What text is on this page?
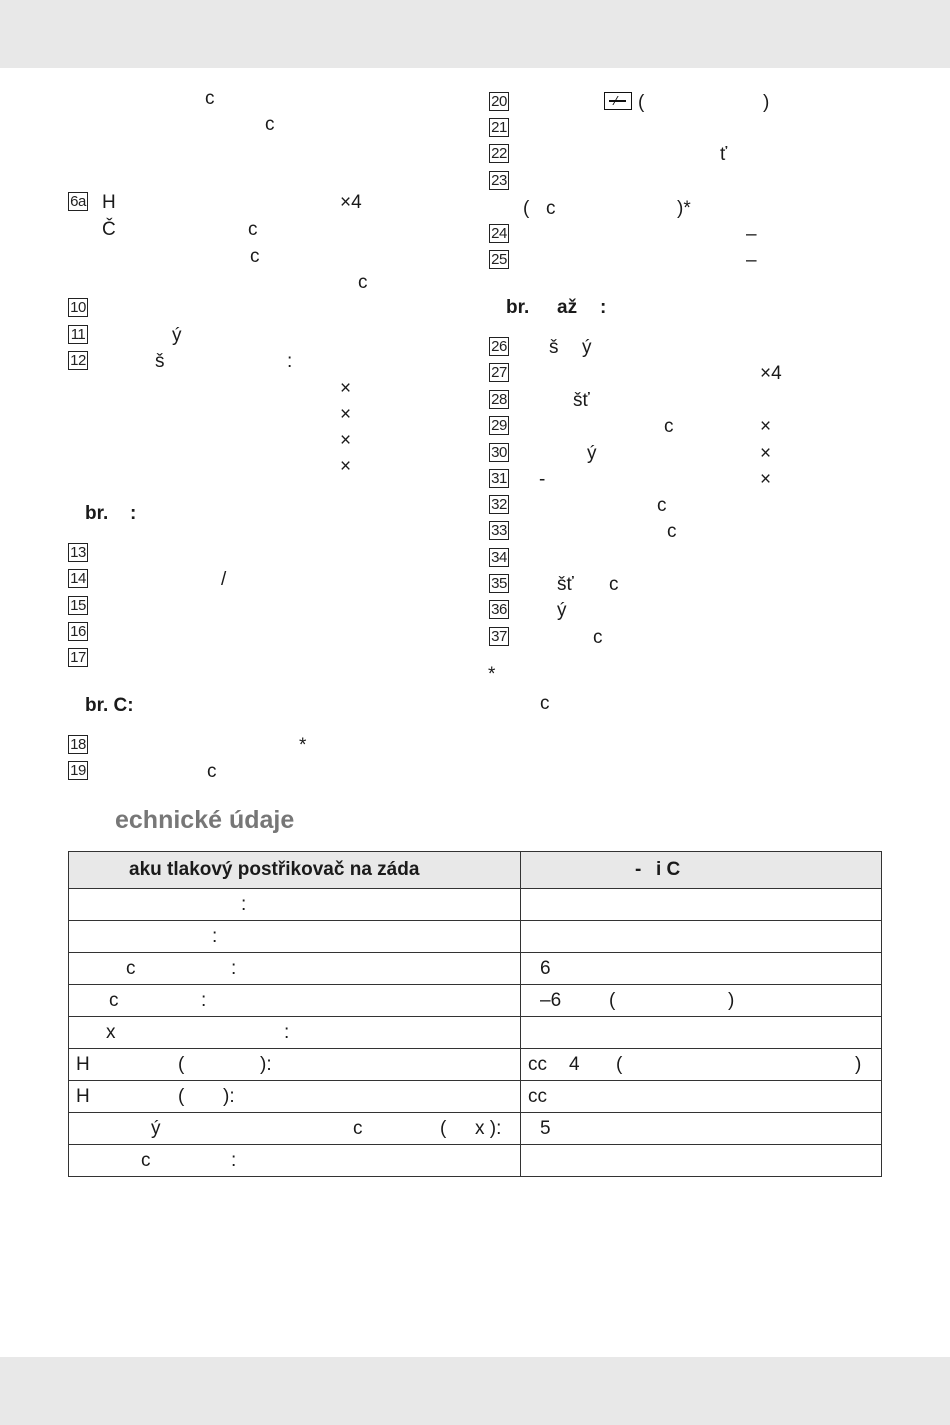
c
c
6a H	×4
Č	c
c
c
10
11	ý
12	š	:
×
×
×
×
br. :
13
14	/
15
16
17
br. C:
18	*
19	c
20	(	)
21
22	ť
23
( c	)*
24	–
25	–
br. až :
26 š ý
27	×4
28	šť
29	c	×
30	ý	×
31 -	×
32	c
33	c
34
35	šť c
36	ý
37	c
*
c
echnické údaje
aku tlakový postřikovač na záda	- i C

:	

:	

c :	6

c :	–6 ( )

x :	

H ( ):	cc 4 ( )

H ( ):	cc

ý c ( x ):	5

c :	
